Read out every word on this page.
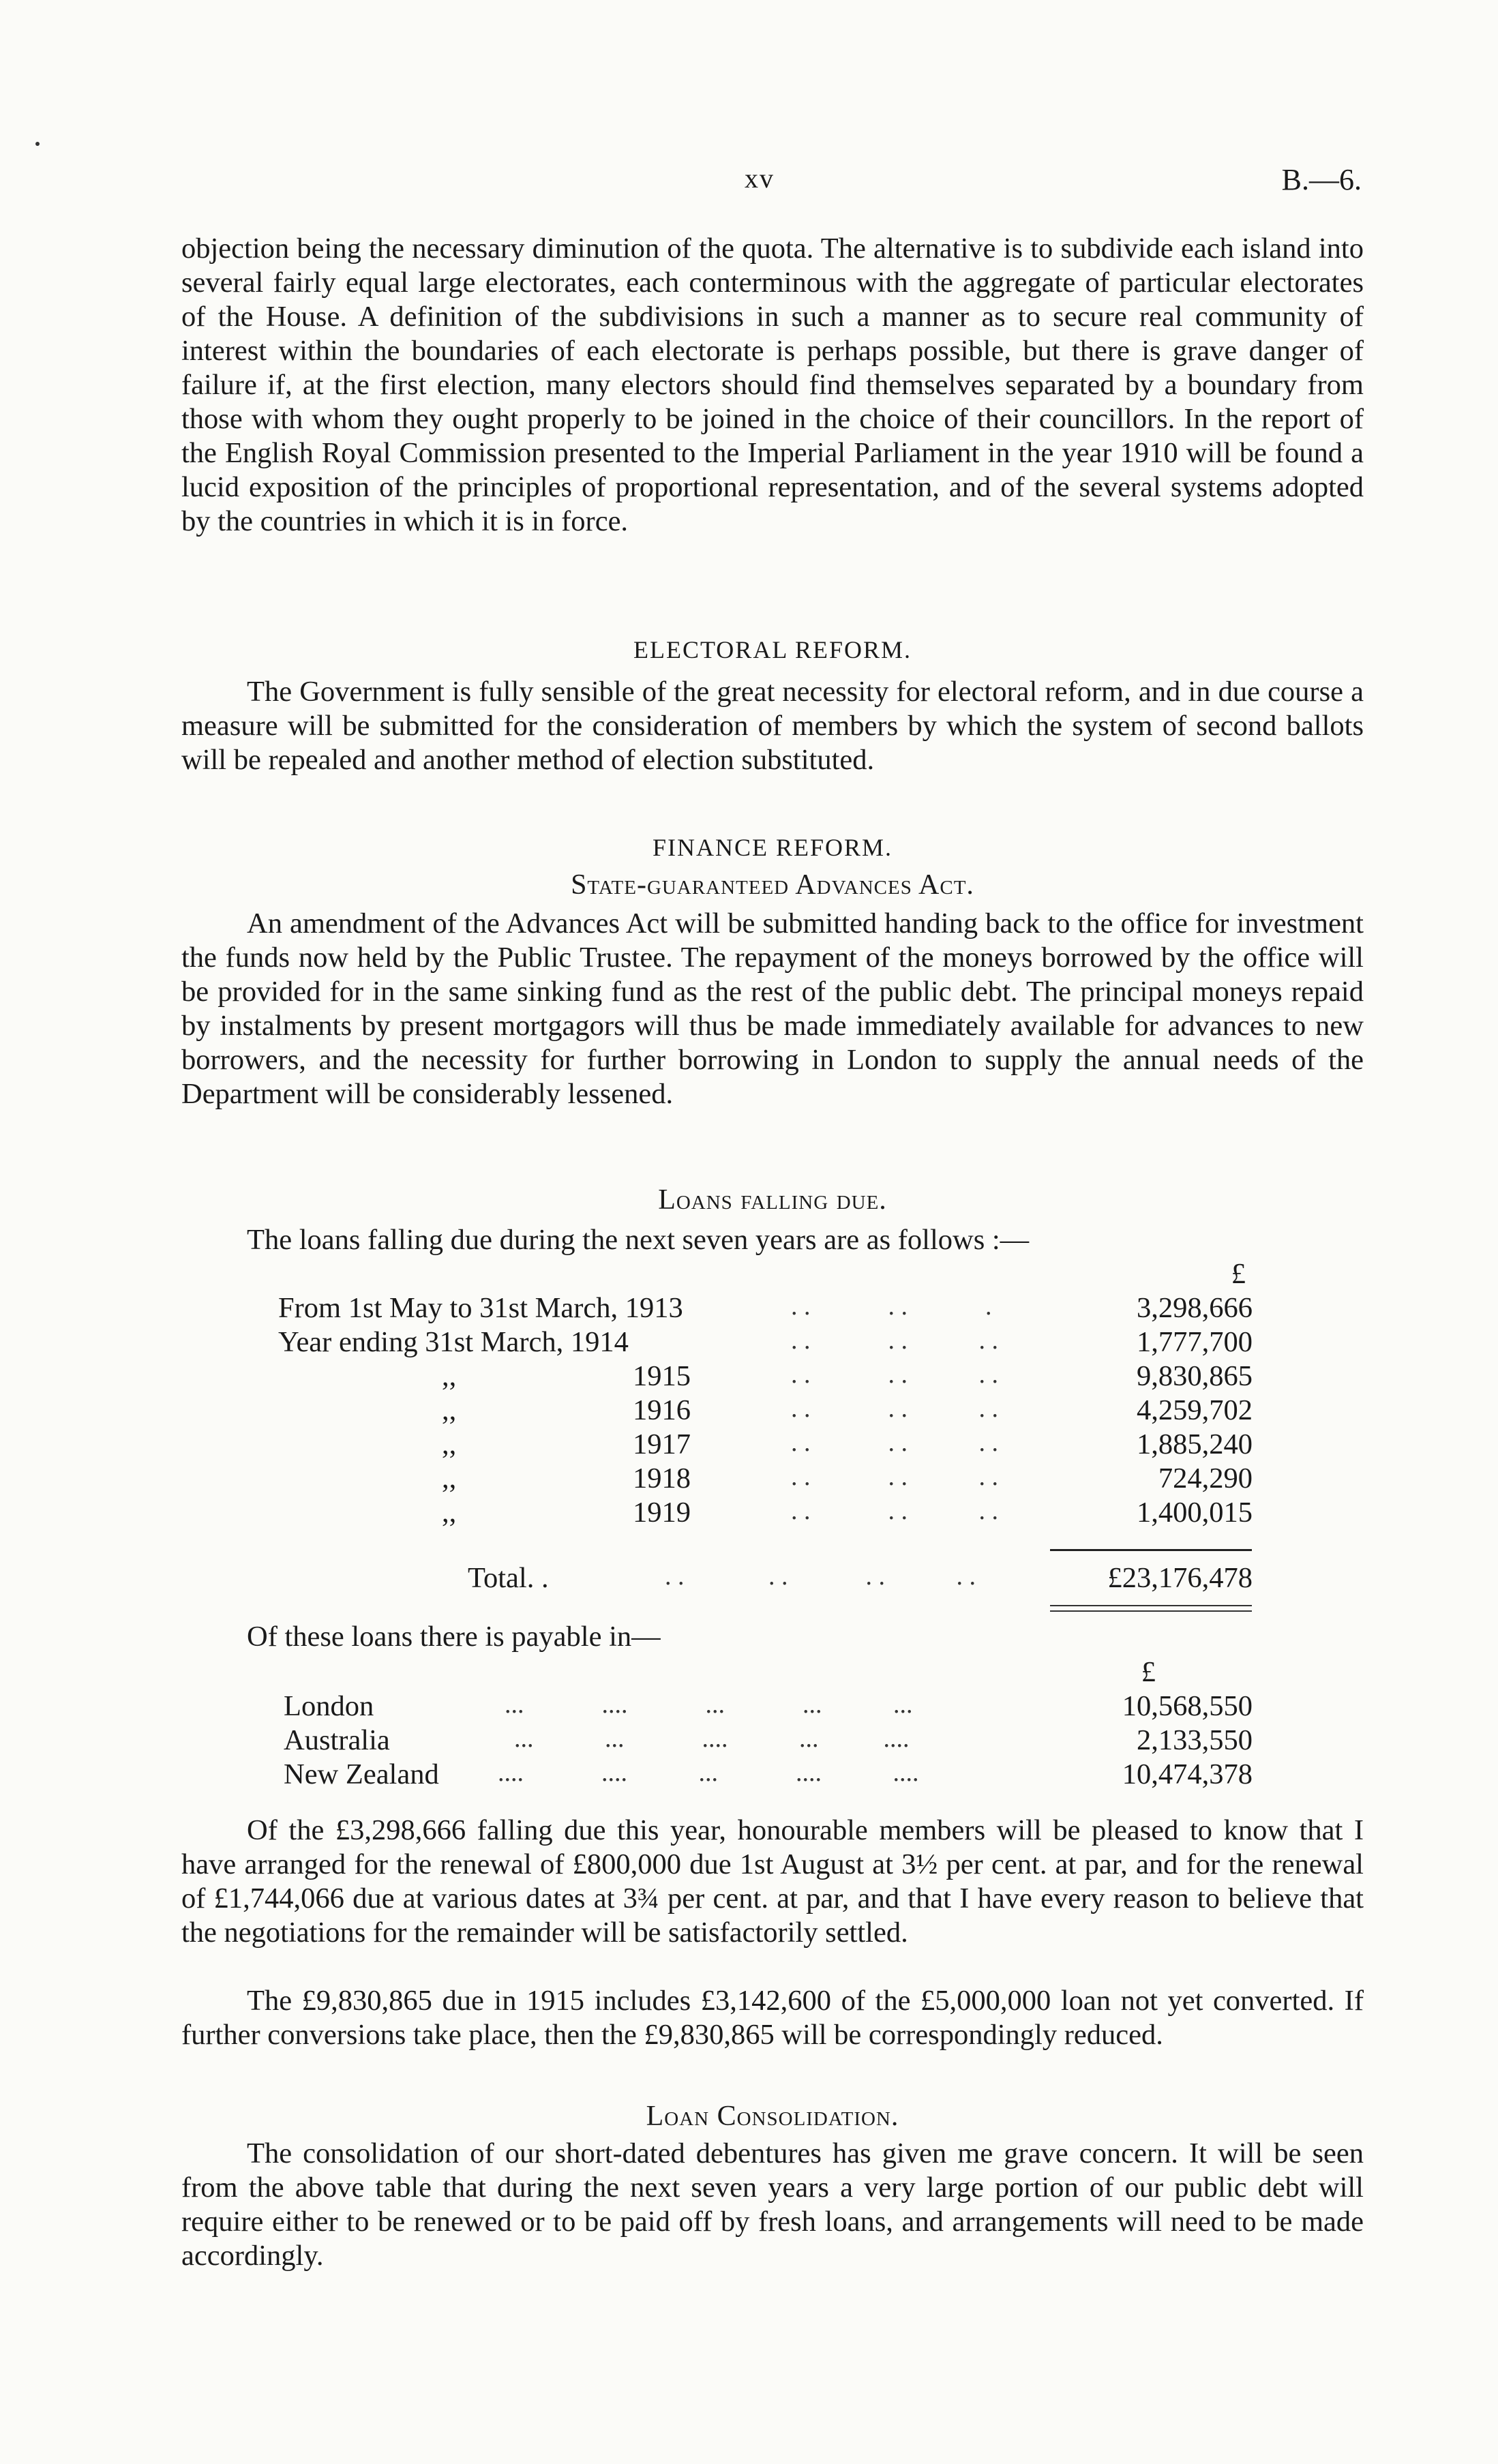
xv	B.—6.

objection being the necessary diminution of the quota. The alternative is to subdivide each island into several fairly equal large electorates, each conterminous with the aggregate of particular electorates of the House. A definition of the subdivisions in such a manner as to secure real community of interest within the boundaries of each electorate is perhaps possible, but there is grave danger of failure if, at the first election, many electors should find themselves separated by a boundary from those with whom they ought properly to be joined in the choice of their councillors. In the report of the English Royal Commission presented to the Imperial Parliament in the year 1910 will be found a lucid exposition of the principles of proportional representation, and of the several systems adopted by the countries in which it is in force.

ELECTORAL REFORM.

The Government is fully sensible of the great necessity for electoral reform, and in due course a measure will be submitted for the consideration of members by which the system of second ballots will be repealed and another method of election substituted.

FINANCE REFORM.
State-guaranteed Advances Act.

An amendment of the Advances Act will be submitted handing back to the office for investment the funds now held by the Public Trustee. The repayment of the moneys borrowed by the office will be provided for in the same sinking fund as the rest of the public debt. The principal moneys repaid by instalments by present mortgagors will thus be made immediately available for advances to new borrowers, and the necessity for further borrowing in London to supply the annual needs of the Department will be considerably lessened.

Loans falling due.
The loans falling due during the next seven years are as follows :—
£
From 1st May to 31st March, 1913	. .            . .            .	3,298,666
Year ending 31st March, 1914	. .            . .           . .	1,777,700
,,	1915	. .            . .           . .	9,830,865
,,	1916	. .            . .           . .	4,259,702
,,	1917	. .            . .           . .	1,885,240
,,	1918	. .            . .           . .	724,290
,,	1919	. .            . .           . .	1,400,015
Total. .	. .             . .            . .           . .	£23,176,478
Of these loans there is payable in—
£
London	...            ....            ...            ...           ...	10,568,550
Australia	...           ...            ....           ...          ....	2,133,550
New Zealand ....            ....           ...            ....           ....	10,474,378

Of the £3,298,666 falling due this year, honourable members will be pleased to know that I have arranged for the renewal of £800,000 due 1st August at 3½ per cent. at par, and for the renewal of £1,744,066 due at various dates at 3¾ per cent. at par, and that I have every reason to believe that the negotiations for the remainder will be satisfactorily settled.

The £9,830,865 due in 1915 includes £3,142,600 of the £5,000,000 loan not yet converted. If further conversions take place, then the £9,830,865 will be correspondingly reduced.

Loan Consolidation.

The consolidation of our short-dated debentures has given me grave concern. It will be seen from the above table that during the next seven years a very large portion of our public debt will require either to be renewed or to be paid off by fresh loans, and arrangements will need to be made accordingly.
